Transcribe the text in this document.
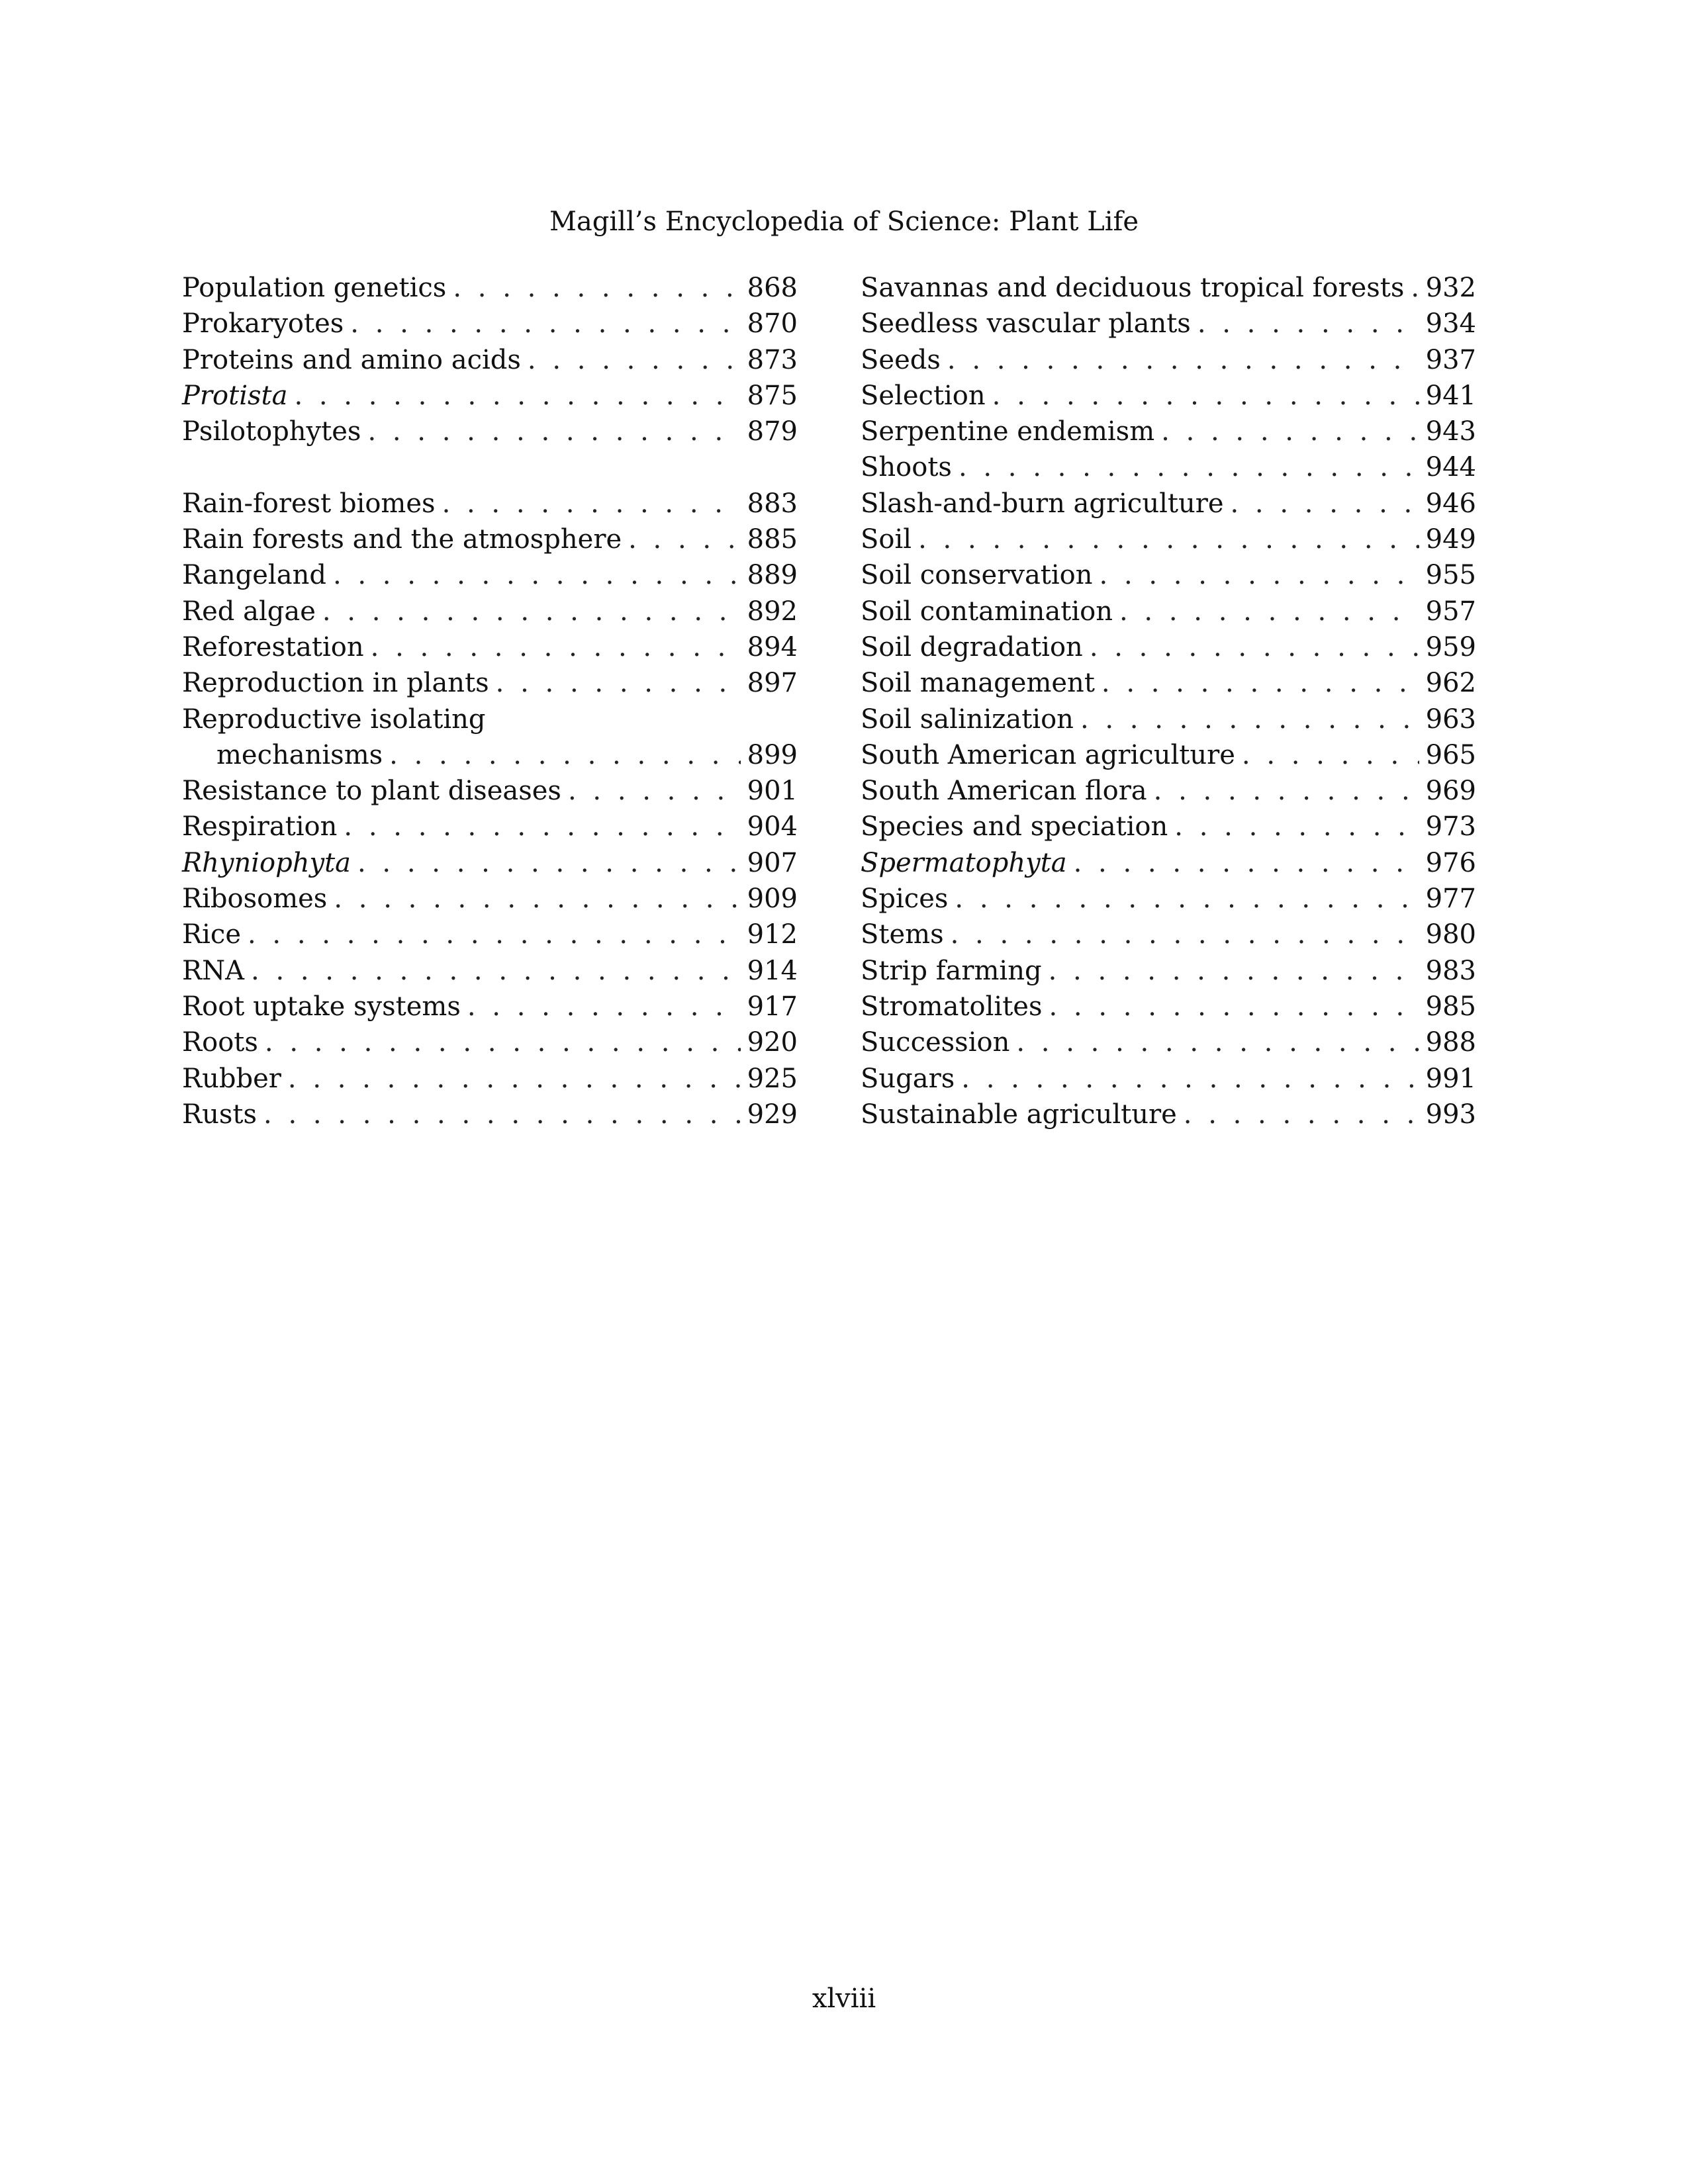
Magill’s Encyclopedia of Science: Plant Life
Population genetics . . .	868
Prokaryotes . . .	870
Proteins and amino acids . . .	873
Protista . . .	875
Psilotophytes . . .	879
Rain-forest biomes . . .	883
Rain forests and the atmosphere . . .	885
Rangeland . . .	889
Red algae . . .	892
Reforestation . . .	894
Reproduction in plants . . .	897
Reproductive isolating
mechanisms . . .	899
Resistance to plant diseases . . .	901
Respiration . . .	904
Rhyniophyta . . .	907
Ribosomes . . .	909
Rice . . .	912
RNA . . .	914
Root uptake systems . . .	917
Roots . . .	920
Rubber . . .	925
Rusts . . .	929
Savannas and deciduous tropical forests . . . 932
Seedless vascular plants . . .	934
Seeds . . .	937
Selection . . .	941
Serpentine endemism . . .	943
Shoots . . .	944
Slash-and-burn agriculture . . .	946
Soil . . .	949
Soil conservation . . .	955
Soil contamination . . .	957
Soil degradation . . .	959
Soil management . . .	962
Soil salinization . . .	963
South American agriculture . . .	965
South American flora . . .	969
Species and speciation . . .	973
Spermatophyta . . .	976
Spices . . .	977
Stems . . .	980
Strip farming . . .	983
Stromatolites . . .	985
Succession . . .	988
Sugars . . .	991
Sustainable agriculture . . .	993
xlviii
